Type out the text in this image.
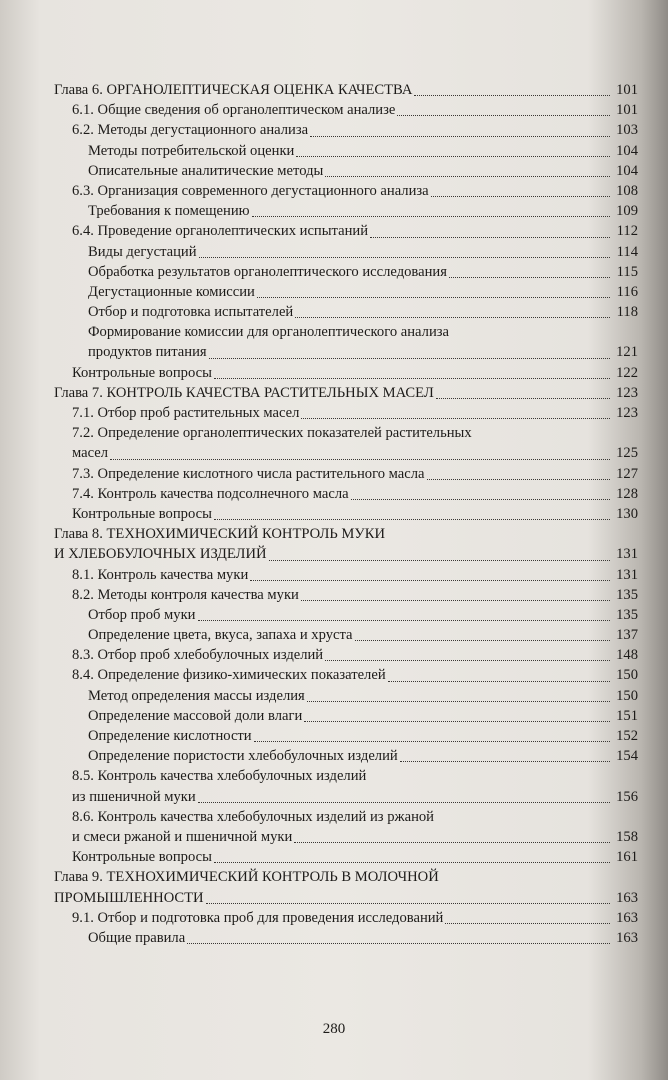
Глава 6. ОРГАНОЛЕПТИЧЕСКАЯ ОЦЕНКА КАЧЕСТВА	101
6.1. Общие сведения об органолептическом анализе	101
6.2. Методы дегустационного анализа	103
Методы потребительской оценки	104
Описательные аналитические методы	104
6.3. Организация современного дегустационного анализа	108
Требования к помещению	109
6.4. Проведение органолептических испытаний	112
Виды дегустаций	114
Обработка результатов органолептического исследования	115
Дегустационные комиссии	116
Отбор и подготовка испытателей	118
Формирование комиссии для органолептического анализа
продуктов питания	121
Контрольные вопросы	122
Глава 7. КОНТРОЛЬ КАЧЕСТВА РАСТИТЕЛЬНЫХ МАСЕЛ	123
7.1. Отбор проб растительных масел	123
7.2. Определение органолептических показателей растительных
масел	125
7.3. Определение кислотного числа растительного масла	127
7.4. Контроль качества подсолнечного масла	128
Контрольные вопросы	130
Глава 8. ТЕХНОХИМИЧЕСКИЙ КОНТРОЛЬ МУКИ
И ХЛЕБОБУЛОЧНЫХ ИЗДЕЛИЙ	131
8.1. Контроль качества муки	131
8.2. Методы контроля качества муки	135
Отбор проб муки	135
Определение цвета, вкуса, запаха и хруста	137
8.3. Отбор проб хлебобулочных изделий	148
8.4. Определение физико-химических показателей	150
Метод определения массы изделия	150
Определение массовой доли влаги	151
Определение кислотности	152
Определение пористости хлебобулочных изделий	154
8.5. Контроль качества хлебобулочных изделий
из пшеничной муки	156
8.6. Контроль качества хлебобулочных изделий из ржаной
и смеси ржаной и пшеничной муки	158
Контрольные вопросы	161
Глава 9. ТЕХНОХИМИЧЕСКИЙ КОНТРОЛЬ В МОЛОЧНОЙ
ПРОМЫШЛЕННОСТИ	163
9.1. Отбор и подготовка проб для проведения исследований	163
Общие правила	163
280
